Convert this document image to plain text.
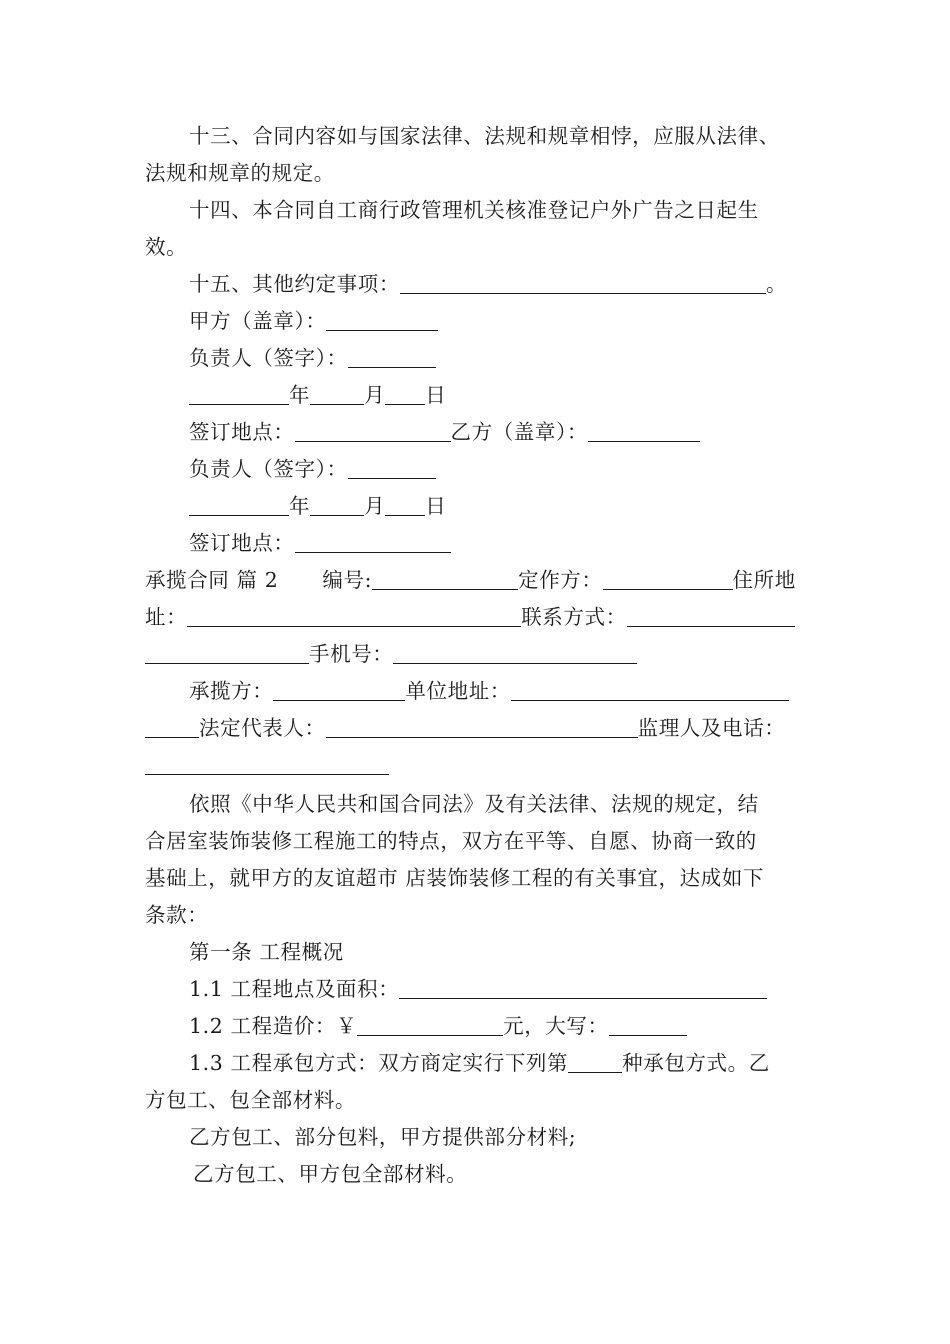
十三、合同内容如与国家法律、法规和规章相悖，应服从法律、
法规和规章的规定。
十四、本合同自工商行政管理机关核准登记户外广告之日起生
效。
十五、其他约定事项：	。
甲方（盖章）：
负责人（签字）：
年	月 日
签订地点：	乙方（盖章）：
负责人（签字）：
年	月 日
签订地点：
承揽合同 篇 2 编号:	定作方：	住所地
址：	联系方式：
手机号：
承揽方：	单位地址：
法定代表人：	监理人及电话：
依照《中华人民共和国合同法》及有关法律、法规的规定，结
合居室装饰装修工程施工的特点，双方在平等、自愿、协商一致的
基础上，就甲方的友谊超市 店装饰装修工程的有关事宜，达成如下
条款：
第一条 工程概况
1.1 工程地点及面积：
1.2 工程造价：￥	元，大写：
1.3 工程承包方式：双方商定实行下列第	种承包方式。乙
方包工、包全部材料。
乙方包工、部分包料，甲方提供部分材料;
乙方包工、甲方包全部材料。
